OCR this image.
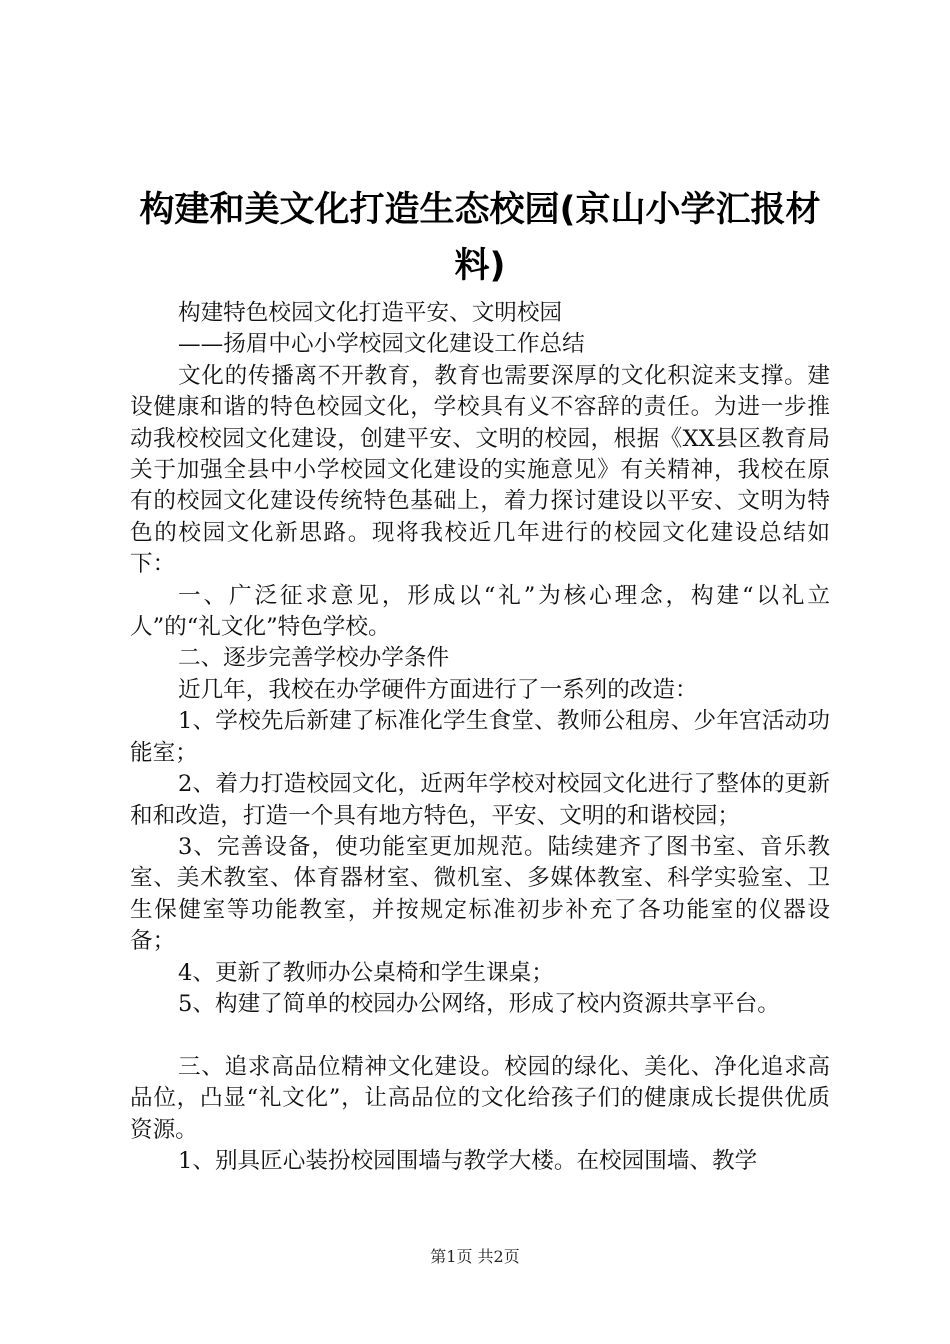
构建和美文化打造生态校园(京山小学汇报材料)

构建特色校园文化打造平安、文明校园

——扬眉中心小学校园文化建设工作总结

文化的传播离不开教育，教育也需要深厚的文化积淀来支撑。建设健康和谐的特色校园文化，学校具有义不容辞的责任。为进一步推动我校校园文化建设，创建平安、文明的校园，根据《XX县区教育局关于加强全县中小学校园文化建设的实施意见》有关精神，我校在原有的校园文化建设传统特色基础上，着力探讨建设以平安、文明为特色的校园文化新思路。现将我校近几年进行的校园文化建设总结如下：

一、广泛征求意见，形成以“礼”为核心理念，构建“以礼立人”的“礼文化”特色学校。

二、逐步完善学校办学条件

近几年，我校在办学硬件方面进行了一系列的改造：

1、学校先后新建了标准化学生食堂、教师公租房、少年宫活动功能室；

2、着力打造校园文化，近两年学校对校园文化进行了整体的更新和和改造，打造一个具有地方特色，平安、文明的和谐校园；

3、完善设备，使功能室更加规范。陆续建齐了图书室、音乐教室、美术教室、体育器材室、微机室、多媒体教室、科学实验室、卫生保健室等功能教室，并按规定标准初步补充了各功能室的仪器设备；

4、更新了教师办公桌椅和学生课桌；

5、构建了简单的校园办公网络，形成了校内资源共享平台。

三、追求高品位精神文化建设。校园的绿化、美化、净化追求高品位，凸显“礼文化”，让高品位的文化给孩子们的健康成长提供优质资源。

1、别具匠心装扮校园围墙与教学大楼。在校园围墙、教学

第1页 共2页
